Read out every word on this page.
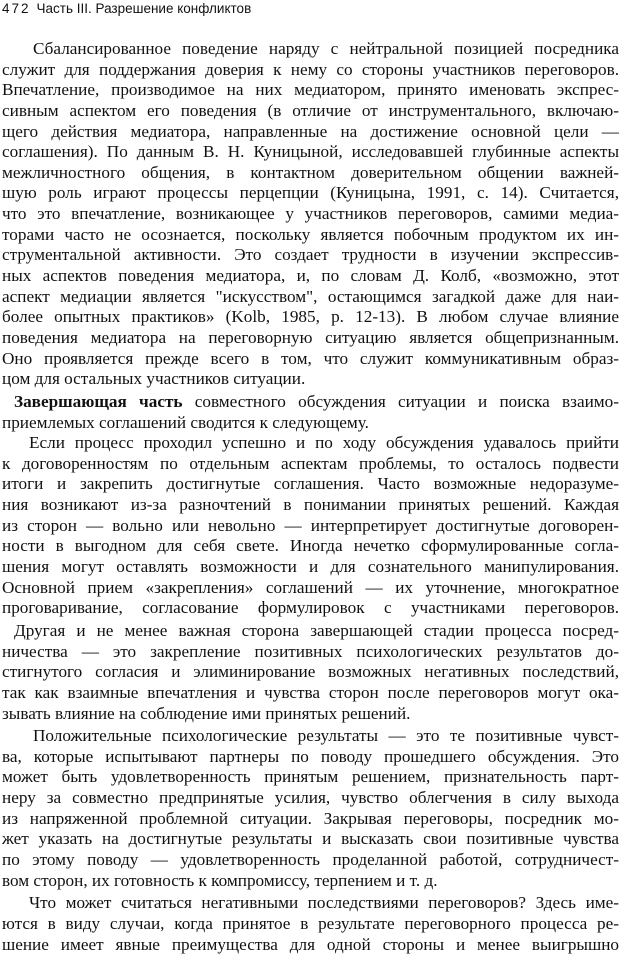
472 Часть III. Разрешение конфликтов
Сбалансированное поведение наряду с нейтральной позицией посредника
служит для поддержания доверия к нему со стороны участников переговоров.
Впечатление, производимое на них медиатором, принято именовать экспрес-
сивным аспектом его поведения (в отличие от инструментального, включаю-
щего действия медиатора, направленные на достижение основной цели —
соглашения). По данным В. Н. Куницыной, исследовавшей глубинные аспекты
межличностного общения, в контактном доверительном общении важней-
шую роль играют процессы перцепции (Куницына, 1991, с. 14). Считается,
что это впечатление, возникающее у участников переговоров, самими медиа-
торами часто не осознается, поскольку является побочным продуктом их ин-
струментальной активности. Это создает трудности в изучении экспрессив-
ных аспектов поведения медиатора, и, по словам Д. Колб, «возможно, этот
аспект медиации является "искусством", остающимся загадкой даже для наи-
более опытных практиков» (Kolb, 1985, p. 12-13). В любом случае влияние
поведения медиатора на переговорную ситуацию является общепризнанным.
Оно проявляется прежде всего в том, что служит коммуникативным образ-
цом для остальных участников ситуации.
Завершающая часть совместного обсуждения ситуации и поиска взаимо-
приемлемых соглашений сводится к следующему.
Если процесс проходил успешно и по ходу обсуждения удавалось прийти
к договоренностям по отдельным аспектам проблемы, то осталось подвести
итоги и закрепить достигнутые соглашения. Часто возможные недоразуме-
ния возникают из-за разночтений в понимании принятых решений. Каждая
из сторон — вольно или невольно — интерпретирует достигнутые договорен-
ности в выгодном для себя свете. Иногда нечетко сформулированные согла-
шения могут оставлять возможности и для сознательного манипулирования.
Основной прием «закрепления» соглашений — их уточнение, многократное
проговаривание, согласование формулировок с участниками переговоров.
Другая и не менее важная сторона завершающей стадии процесса посред-
ничества — это закрепление позитивных психологических результатов до-
стигнутого согласия и элиминирование возможных негативных последствий,
так как взаимные впечатления и чувства сторон после переговоров могут ока-
зывать влияние на соблюдение ими принятых решений.
Положительные психологические результаты — это те позитивные чувст-
ва, которые испытывают партнеры по поводу прошедшего обсуждения. Это
может быть удовлетворенность принятым решением, признательность парт-
неру за совместно предпринятые усилия, чувство облегчения в силу выхода
из напряженной проблемной ситуации. Закрывая переговоры, посредник мо-
жет указать на достигнутые результаты и высказать свои позитивные чувства
по этому поводу — удовлетворенность проделанной работой, сотрудничест-
вом сторон, их готовность к компромиссу, терпением и т. д.
Что может считаться негативными последствиями переговоров? Здесь име-
ются в виду случаи, когда принятое в результате переговорного процесса ре-
шение имеет явные преимущества для одной стороны и менее выигрышно
